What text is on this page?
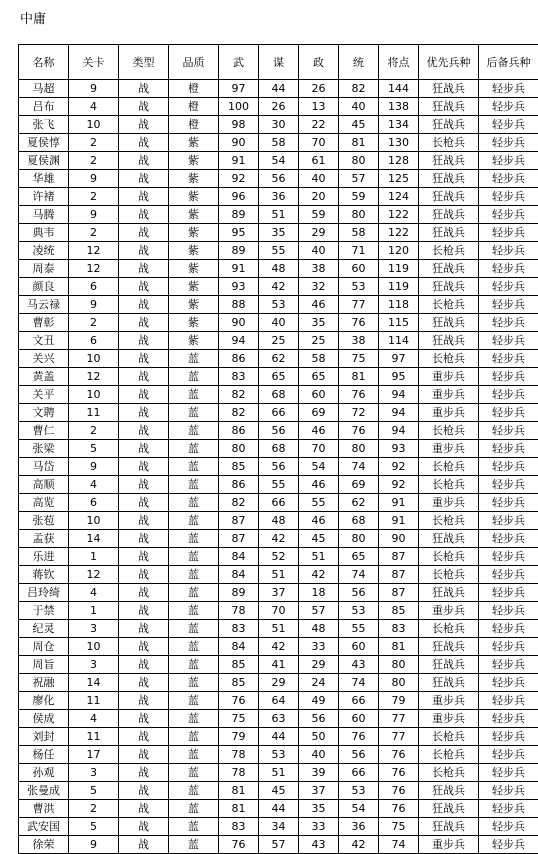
中庸
名称	关卡	类型	品质	武	谋	政	统	将点	优先兵种	后备兵种
马超	9	战	橙	97	44	26	82	144	狂战兵	轻步兵
吕布	4	战	橙	100	26	13	40	138	狂战兵	轻步兵
张飞	10	战	橙	98	30	22	45	134	狂战兵	轻步兵
夏侯惇	2	战	紫	90	58	70	81	130	长枪兵	轻步兵
夏侯渊	2	战	紫	91	54	61	80	128	狂战兵	轻步兵
华雄	9	战	紫	92	56	40	57	125	狂战兵	轻步兵
许褚	2	战	紫	96	36	20	59	124	狂战兵	轻步兵
马腾	9	战	紫	89	51	59	80	122	狂战兵	轻步兵
典韦	2	战	紫	95	35	29	58	122	狂战兵	轻步兵
凌统	12	战	紫	89	55	40	71	120	长枪兵	轻步兵
周泰	12	战	紫	91	48	38	60	119	狂战兵	轻步兵
颜良	6	战	紫	93	42	32	53	119	狂战兵	轻步兵
马云禄	9	战	紫	88	53	46	77	118	长枪兵	轻步兵
曹彰	2	战	紫	90	40	35	76	115	狂战兵	轻步兵
文丑	6	战	紫	94	25	25	38	114	狂战兵	轻步兵
关兴	10	战	蓝	86	62	58	75	97	长枪兵	轻步兵
黄盖	12	战	蓝	83	65	65	81	95	重步兵	轻步兵
关平	10	战	蓝	82	68	60	76	94	重步兵	轻步兵
文聘	11	战	蓝	82	66	69	72	94	重步兵	轻步兵
曹仁	2	战	蓝	86	56	46	76	94	长枪兵	轻步兵
张梁	5	战	蓝	80	68	70	80	93	重步兵	轻步兵
马岱	9	战	蓝	85	56	54	74	92	长枪兵	轻步兵
高顺	4	战	蓝	86	55	46	69	92	长枪兵	轻步兵
高览	6	战	蓝	82	66	55	62	91	重步兵	轻步兵
张苞	10	战	蓝	87	48	46	68	91	长枪兵	轻步兵
孟获	14	战	蓝	87	42	45	80	90	狂战兵	轻步兵
乐进	1	战	蓝	84	52	51	65	87	长枪兵	轻步兵
蒋钦	12	战	蓝	84	51	42	74	87	长枪兵	轻步兵
吕玲绮	4	战	蓝	89	37	18	56	87	狂战兵	轻步兵
于禁	1	战	蓝	78	70	57	53	85	重步兵	轻步兵
纪灵	3	战	蓝	83	51	48	55	83	长枪兵	轻步兵
周仓	10	战	蓝	84	42	33	60	81	狂战兵	轻步兵
周旨	3	战	蓝	85	41	29	43	80	狂战兵	轻步兵
祝融	14	战	蓝	85	29	24	74	80	狂战兵	轻步兵
廖化	11	战	蓝	76	64	49	66	79	重步兵	轻步兵
侯成	4	战	蓝	75	63	56	60	77	重步兵	轻步兵
刘封	11	战	蓝	79	44	50	76	77	长枪兵	轻步兵
杨任	17	战	蓝	78	53	40	56	76	长枪兵	轻步兵
孙观	3	战	蓝	78	51	39	66	76	长枪兵	轻步兵
张曼成	5	战	蓝	81	45	37	53	76	狂战兵	轻步兵
曹洪	2	战	蓝	81	44	35	54	76	狂战兵	轻步兵
武安国	5	战	蓝	83	34	33	36	75	狂战兵	轻步兵
徐荣	9	战	蓝	76	57	43	42	74	重步兵	轻步兵
